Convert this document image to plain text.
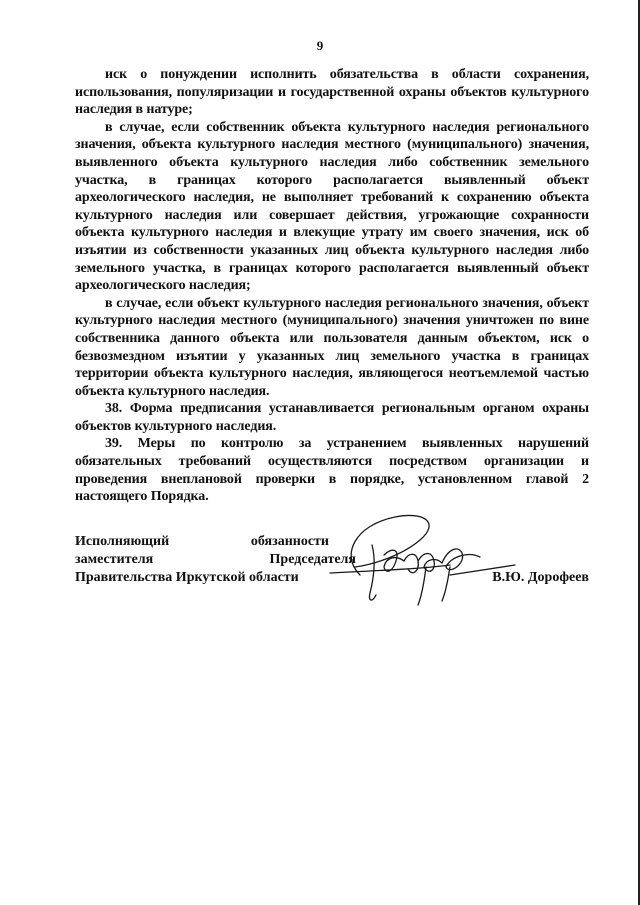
9

иск о понуждении исполнить обязательства в области сохранения, использования, популяризации и государственной охраны объектов культурного наследия в натуре;

в случае, если собственник объекта культурного наследия регионального значения, объекта культурного наследия местного (муниципального) значения, выявленного объекта культурного наследия либо собственник земельного участка, в границах которого располагается выявленный объект археологического наследия, не выполняет требований к сохранению объекта культурного наследия или совершает действия, угрожающие сохранности объекта культурного наследия и влекущие утрату им своего значения, иск об изъятии из собственности указанных лиц объекта культурного наследия либо земельного участка, в границах которого располагается выявленный объект археологического наследия;

в случае, если объект культурного наследия регионального значения, объект культурного наследия местного (муниципального) значения уничтожен по вине собственника данного объекта или пользователя данным объектом, иск о безвозмездном изъятии у указанных лиц земельного участка в границах территории объекта культурного наследия, являющегося неотъемлемой частью объекта культурного наследия.

38. Форма предписания устанавливается региональным органом охраны объектов культурного наследия.

39. Меры по контролю за устранением выявленных нарушений обязательных требований осуществляются посредством организации и проведения внеплановой проверки в порядке, установленном главой 2 настоящего Порядка.

Исполняющий	обязанности
заместителя	Председателя
Правительства Иркутской области	В.Ю. Дорофеев
